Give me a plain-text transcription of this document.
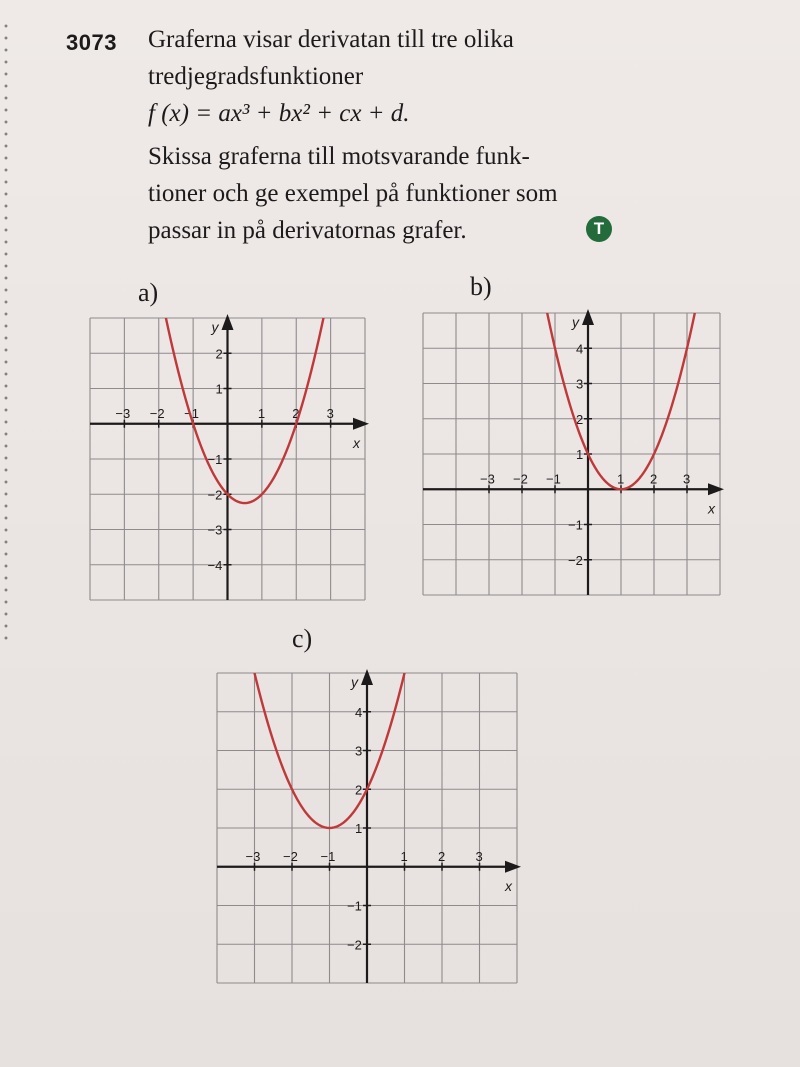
3073 Graferna visar derivatan till tre olika
tredjegradsfunktioner
f (x) = ax³ + bx² + cx + d.
Skissa graferna till motsvarande funk-
tioner och ge exempel på funktioner som
passar in på derivatornas grafer.	T
a)	b)
c)
x
y
−3 −2 −1	1 2 3
2
1
−1
−2
−3
−4
x
y
−3 −2 −1	1 2 3
4
3
2
1
−1
−2
x
y
−3 −2 −1	1 2 3
4
3
2
1
−1
−2
